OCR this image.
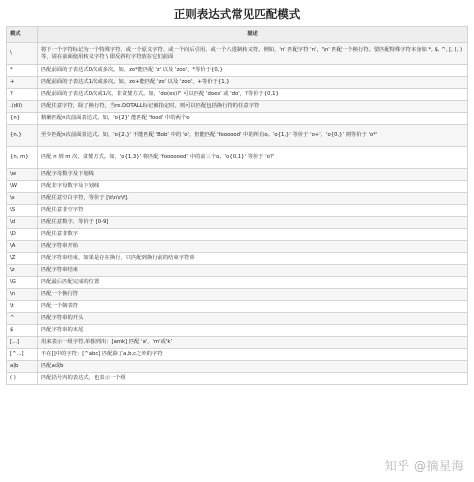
正则表达式常见匹配模式
模式	描述
\	将下一个字符标记为一个特殊字符、或一个原义字符、或一个向后引用、或一个八进制转义符。例如，'n' 匹配字符 'n'，'\n' 匹配一个换行符。要匹配特殊字符本身如 *, $, ^, [, (, ) 等，请在前面使用转义字符 \ 即反斜杠字符放在它们前面
*	匹配前面的子表达式0次或多次。如，zo*能匹配 'z' 以及 'zoo'，*等价于{0,}
+	匹配前面的子表达式1次或多次。如，zo+能匹配 'zo' 以及 'zoo'，+等价于{1,}
?	匹配前面的子表达式0次或1次，非贪婪方式。如，'do(es)?' 可以匹配 'does' 或 'do'，?等价于{0,1}
.(dll)	匹配任意字符，除了换行符，当re.DOTALL标记被指定时，则可以匹配包括换行符的任意字符
{n}	精确匹配n次前面表达式。如，'o{2}' 能匹配 'food' 中的两个o
{n,}	至少匹配n次前面表达式。如，'o{2,}' 不能匹配 'Bob' 中的 'o'，但能匹配 'foooood' 中的所有o。'o{1,}' 等价于 'o+'，'o{0,}' 则等价于 'o*'
{n, m}	匹配 n 到 m 次，贪婪方式。如，'o{1,3}' 将匹配 'fooooood' 中的前三个o。'o{0,1}' 等价于 'o?'
\w	匹配字母数字及下划线
\W	匹配非字母数字及下划线
\s	匹配任意空白字符，等价于 [\t\n\r\f].
\S	匹配任意非空字符
\d	匹配任意数字，等价于 [0-9]
\D	匹配任意非数字
\A	匹配字符串开始
\Z	匹配字符串结束，如果是存在换行，只匹配到换行前的结束字符串
\z	匹配字符串结束
\G	匹配最后匹配完成的位置
\n	匹配一个换行符
\t	匹配一个制表符
^	匹配字符串的开头
$	匹配字符串的末尾
[...]	用来表示一组字符,单独列出：[amk] 匹配 'a'，'m'或'k'
[^...]	不在[]中的字符：[^abc] 匹配除了a,b,c之外的字符
a|b	匹配a或b
( )	匹配括号内的表达式，也表示一个组
知乎 @摘星海
